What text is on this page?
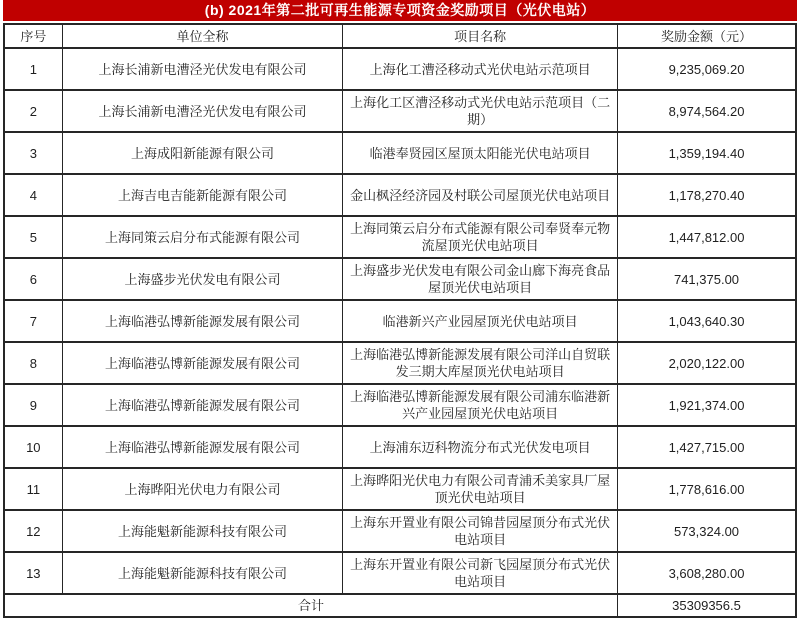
(b) 2021年第二批可再生能源专项资金奖励项目（光伏电站）
序号	单位全称	项目名称	奖励金额（元）
1	上海长浦新电漕泾光伏发电有限公司	上海化工漕泾移动式光伏电站示范项目	9,235,069.20
2	上海长浦新电漕泾光伏发电有限公司	上海化工区漕泾移动式光伏电站示范项目（二期）	8,974,564.20
3	上海成阳新能源有限公司	临港奉贤园区屋顶太阳能光伏电站项目	1,359,194.40
4	上海吉电吉能新能源有限公司	金山枫泾经济园及村联公司屋顶光伏电站项目	1,178,270.40
5	上海同策云启分布式能源有限公司	上海同策云启分布式能源有限公司奉贤奉元物流屋顶光伏电站项目	1,447,812.00
6	上海盛步光伏发电有限公司	上海盛步光伏发电有限公司金山廊下海亮食品屋顶光伏电站项目	741,375.00
7	上海临港弘博新能源发展有限公司	临港新兴产业园屋顶光伏电站项目	1,043,640.30
8	上海临港弘博新能源发展有限公司	上海临港弘博新能源发展有限公司洋山自贸联发三期大库屋顶光伏电站项目	2,020,122.00
9	上海临港弘博新能源发展有限公司	上海临港弘博新能源发展有限公司浦东临港新兴产业园屋顶光伏电站项目	1,921,374.00
10	上海临港弘博新能源发展有限公司	上海浦东迈科物流分布式光伏发电项目	1,427,715.00
11	上海晔阳光伏电力有限公司	上海晔阳光伏电力有限公司青浦禾美家具厂屋顶光伏电站项目	1,778,616.00
12	上海能魁新能源科技有限公司	上海东开置业有限公司锦昔园屋顶分布式光伏电站项目	573,324.00
13	上海能魁新能源科技有限公司	上海东开置业有限公司新飞园屋顶分布式光伏电站项目	3,608,280.00
合计			35309356.5
